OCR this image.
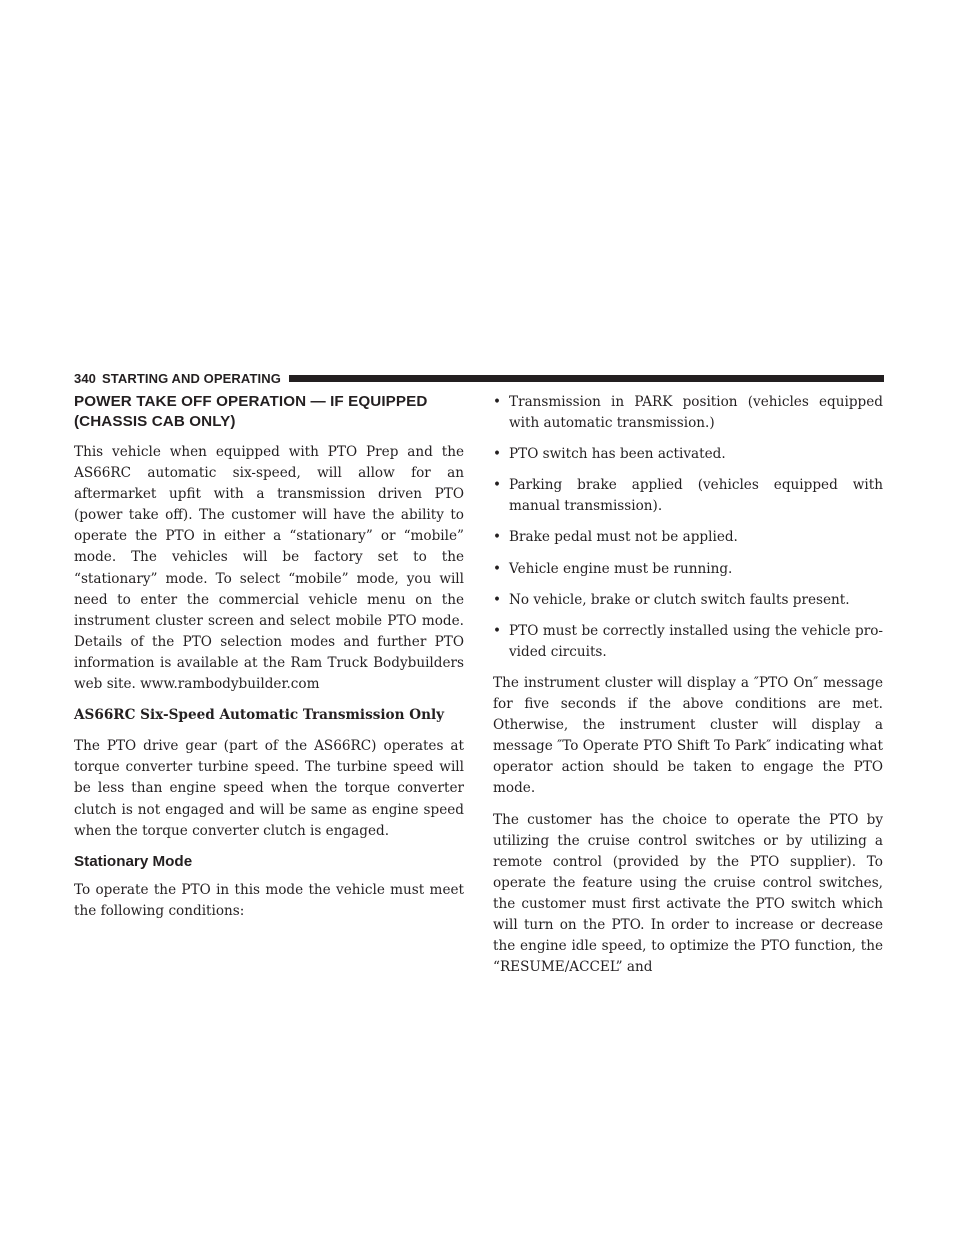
340 STARTING AND OPERATING
POWER TAKE OFF OPERATION — IF EQUIPPED (CHASSIS CAB ONLY)

This vehicle when equipped with PTO Prep and the AS66RC automatic six-speed, will allow for an aftermarket upfit with a transmission driven PTO (power take off). The customer will have the ability to operate the PTO in either a “stationary” or “mobile” mode. The vehicles will be factory set to the “stationary” mode. To select “mobile” mode, you will need to enter the commercial vehicle menu on the instrument cluster screen and select mobile PTO mode. Details of the PTO selection modes and further PTO information is available at the Ram Truck Bodybuilders web site. www.rambodybuilder.com

AS66RC Six-Speed Automatic Transmission Only

The PTO drive gear (part of the AS66RC) operates at torque converter turbine speed. The turbine speed will be less than engine speed when the torque converter clutch is not engaged and will be same as engine speed when the torque converter clutch is engaged.

Stationary Mode

To operate the PTO in this mode the vehicle must meet the following conditions:

• Transmission in PARK position (vehicles equipped with automatic transmission.)
• PTO switch has been activated.
• Parking brake applied (vehicles equipped with manual transmission).
• Brake pedal must not be applied.
• Vehicle engine must be running.
• No vehicle, brake or clutch switch faults present.
• PTO must be correctly installed using the vehicle pro- vided circuits.

The instrument cluster will display a ″PTO On″ message for five seconds if the above conditions are met. Otherwise, the instrument cluster will display a message ″To Operate PTO Shift To Park″ indicating what operator action should be taken to engage the PTO mode.

The customer has the choice to operate the PTO by utilizing the cruise control switches or by utilizing a remote control (provided by the PTO supplier). To operate the feature using the cruise control switches, the customer must first activate the PTO switch which will turn on the PTO. In order to increase or decrease the engine idle speed, to optimize the PTO function, the “RESUME/ACCEL” and
